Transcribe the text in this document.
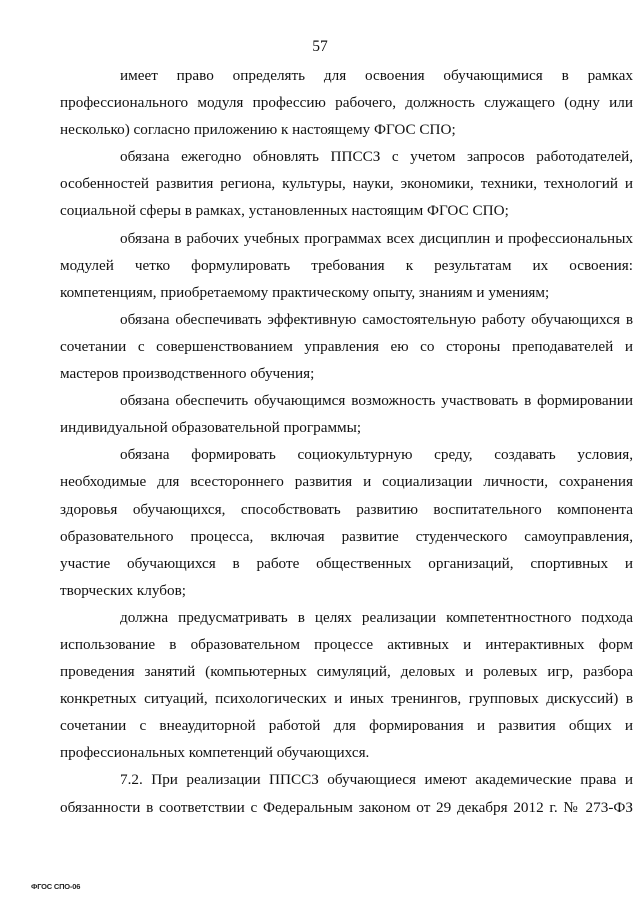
57
имеет право определять для освоения обучающимися в рамках
профессионального модуля профессию рабочего, должность служащего (одну или
несколько) согласно приложению к настоящему ФГОС СПО;
обязана ежегодно обновлять ППССЗ с учетом запросов работодателей,
особенностей развития региона, культуры, науки, экономики, техники, технологий и
социальной сферы в рамках, установленных настоящим ФГОС СПО;
обязана в рабочих учебных программах всех дисциплин и профессиональных
модулей четко формулировать требования к результатам их освоения:
компетенциям, приобретаемому практическому опыту, знаниям и умениям;
обязана обеспечивать эффективную самостоятельную работу обучающихся в
сочетании с совершенствованием управления ею со стороны преподавателей и
мастеров производственного обучения;
обязана обеспечить обучающимся возможность участвовать в формировании
индивидуальной образовательной программы;
обязана формировать социокультурную среду, создавать условия,
необходимые для всестороннего развития и социализации личности, сохранения
здоровья обучающихся, способствовать развитию воспитательного компонента
образовательного процесса, включая развитие студенческого самоуправления,
участие обучающихся в работе общественных организаций, спортивных и
творческих клубов;
должна предусматривать в целях реализации компетентностного подхода
использование в образовательном процессе активных и интерактивных форм
проведения занятий (компьютерных симуляций, деловых и ролевых игр, разбора
конкретных ситуаций, психологических и иных тренингов, групповых дискуссий) в
сочетании с внеаудиторной работой для формирования и развития общих и
профессиональных компетенций обучающихся.
7.2. При реализации ППССЗ обучающиеся имеют академические права и
обязанности в соответствии с Федеральным законом от 29 декабря 2012 г. № 273-ФЗ
ФГОС СПО-06
